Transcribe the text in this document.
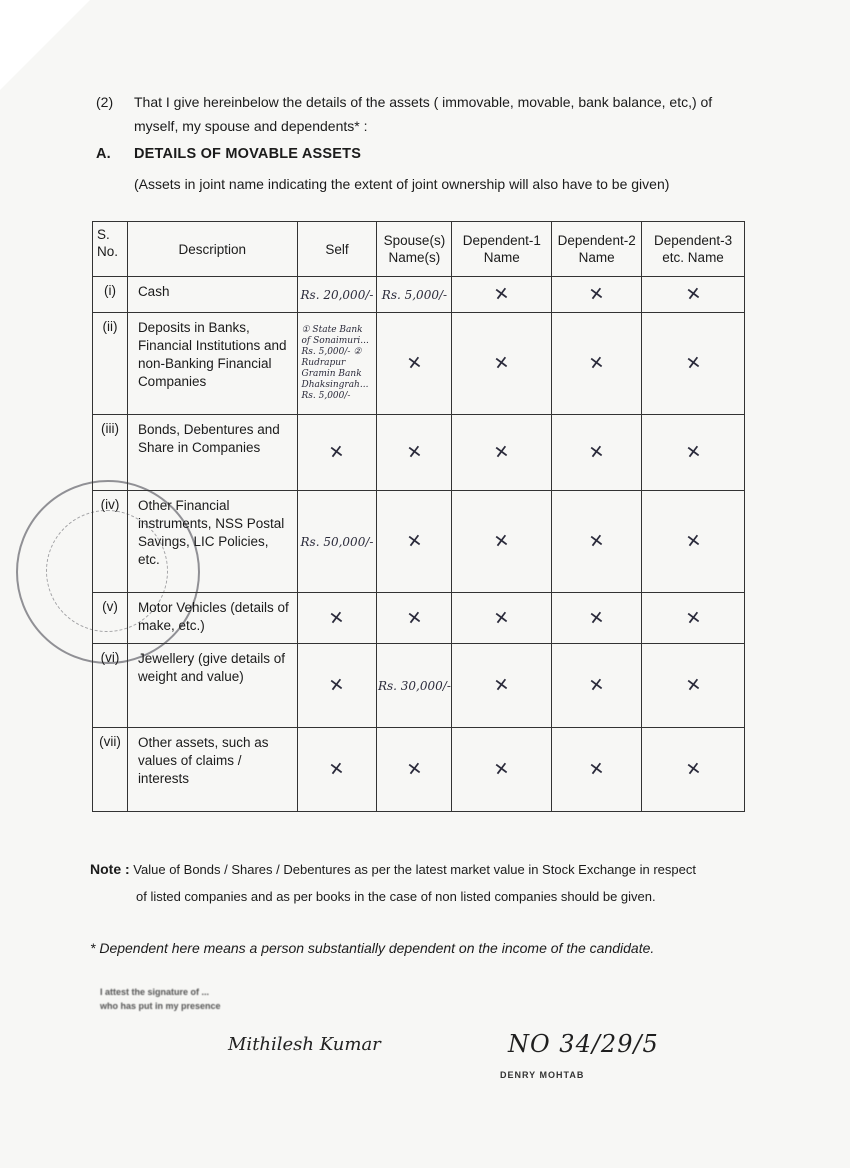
(2) That I give hereinbelow the details of the assets ( immovable, movable, bank balance, etc,) of myself, my spouse and dependents* :
A. DETAILS OF MOVABLE ASSETS
(Assets in joint name indicating the extent of joint ownership will also have to be given)
S. No.	Description	Self	Spouse(s) Name(s)	Dependent-1 Name	Dependent-2 Name	Dependent-3 etc. Name
(i)	Cash	Rs. 20,000/-	Rs. 5,000/-	✕	✕	✕
(ii)	Deposits in Banks, Financial Institutions and non-Banking Financial Companies	① State Bank of Sonaimuri... Rs. 5,000/- ② Rudrapur Gramin Bank Dhaksingrah... Rs. 5,000/-	✕	✕	✕	✕
(iii)	Bonds, Debentures and Share in Companies	✕	✕	✕	✕	✕
(iv)	Other Financial instruments, NSS Postal Savings, LIC Policies, etc.	Rs. 50,000/-	✕	✕	✕	✕
(v)	Motor Vehicles (details of make, etc.)	✕	✕	✕	✕	✕
(vi)	Jewellery (give details of weight and value)	✕	Rs. 30,000/-	✕	✕	✕
(vii)	Other assets, such as values of claims / interests	✕	✕	✕	✕	✕
Note : Value of Bonds / Shares / Debentures as per the latest market value in Stock Exchange in respect
of listed companies and as per books in the case of non listed companies should be given.
* Dependent here means a person substantially dependent on the income of the candidate.
I attest the signature of ...
who has put in my presence
Mithilesh Kumar	NO 34/29/5
DENRY MOHTAB
